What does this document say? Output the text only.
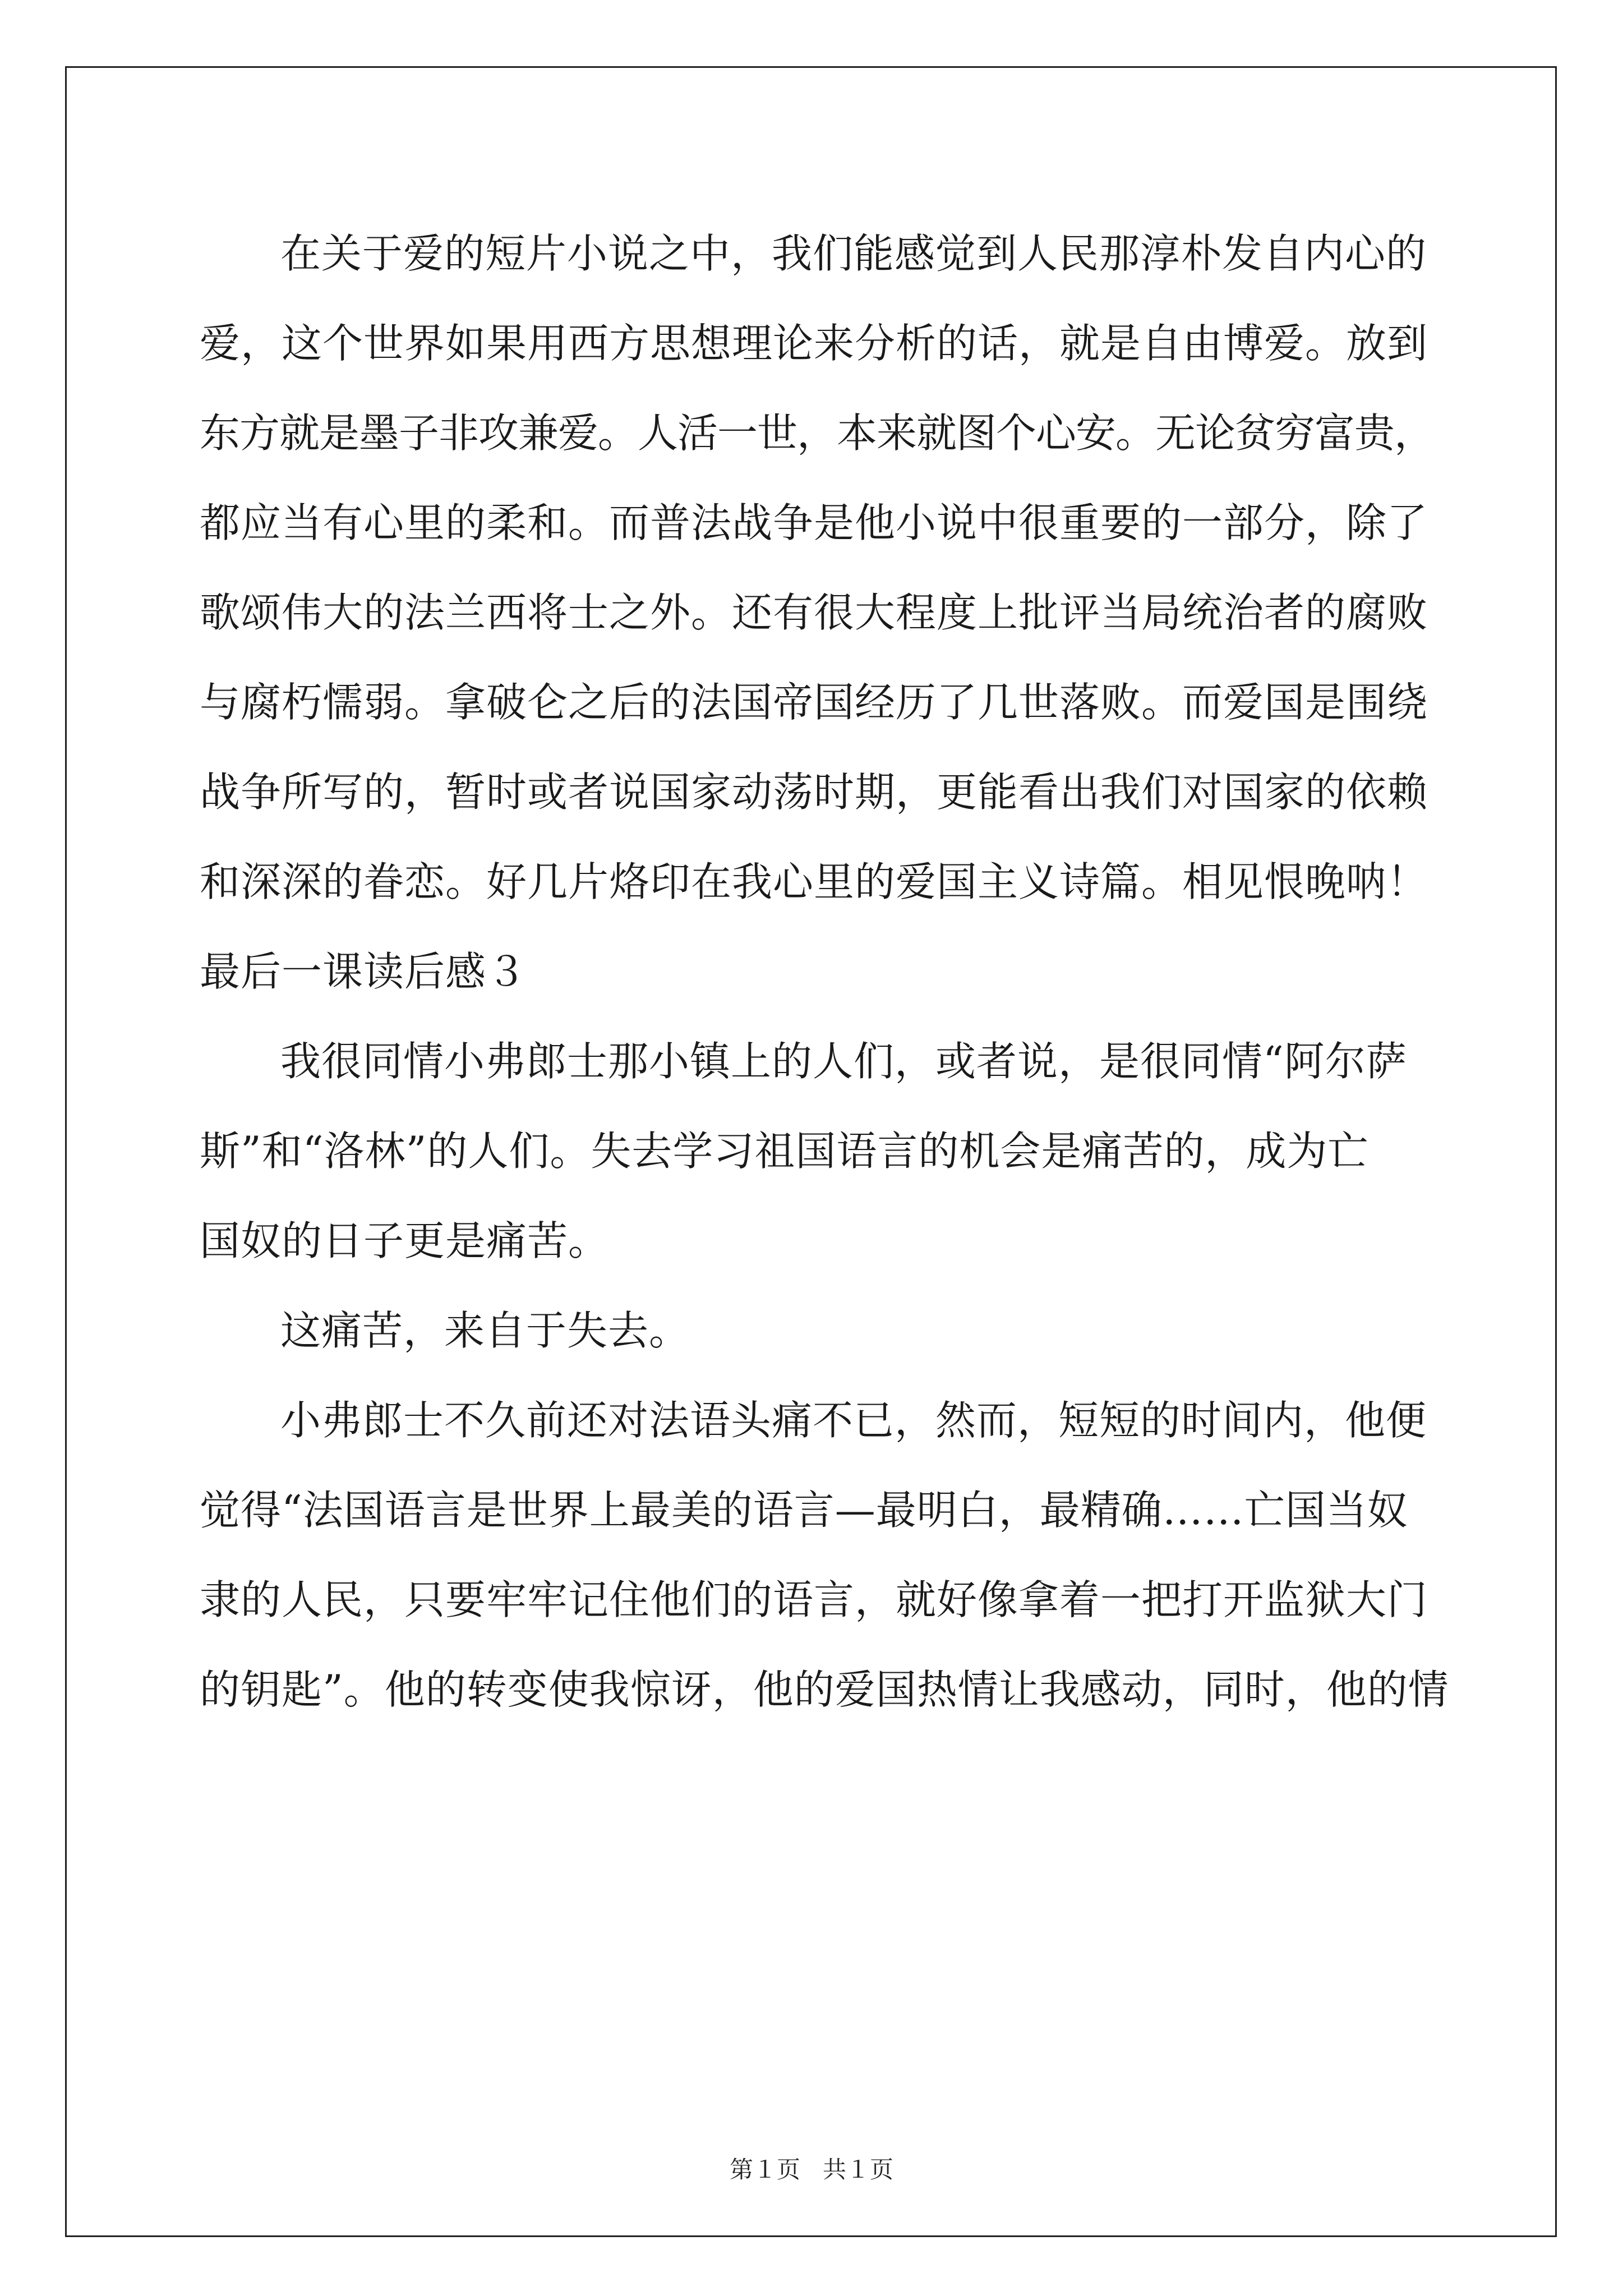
在关于爱的短片小说之中，我们能感觉到人民那淳朴发自内心的
爱，这个世界如果用西方思想理论来分析的话，就是自由博爱。放到
东方就是墨子非攻兼爱。人活一世，本来就图个心安。无论贫穷富贵，
都应当有心里的柔和。而普法战争是他小说中很重要的一部分，除了
歌颂伟大的法兰西将士之外。还有很大程度上批评当局统治者的腐败
与腐朽懦弱。拿破仑之后的法国帝国经历了几世落败。而爱国是围绕
战争所写的，暂时或者说国家动荡时期，更能看出我们对国家的依赖
和深深的眷恋。好几片烙印在我心里的爱国主义诗篇。相见恨晚呐！
最后一课读后感３
我很同情小弗郎士那小镇上的人们，或者说，是很同情“阿尔萨
斯”和“洛林”的人们。失去学习祖国语言的机会是痛苦的，成为亡
国奴的日子更是痛苦。
这痛苦，来自于失去。
小弗郎士不久前还对法语头痛不已，然而，短短的时间内，他便
觉得“法国语言是世界上最美的语言—最明白，最精确……亡国当奴
隶的人民，只要牢牢记住他们的语言，就好像拿着一把打开监狱大门
的钥匙”。他的转变使我惊讶，他的爱国热情让我感动，同时，他的情
第１页 共１页
